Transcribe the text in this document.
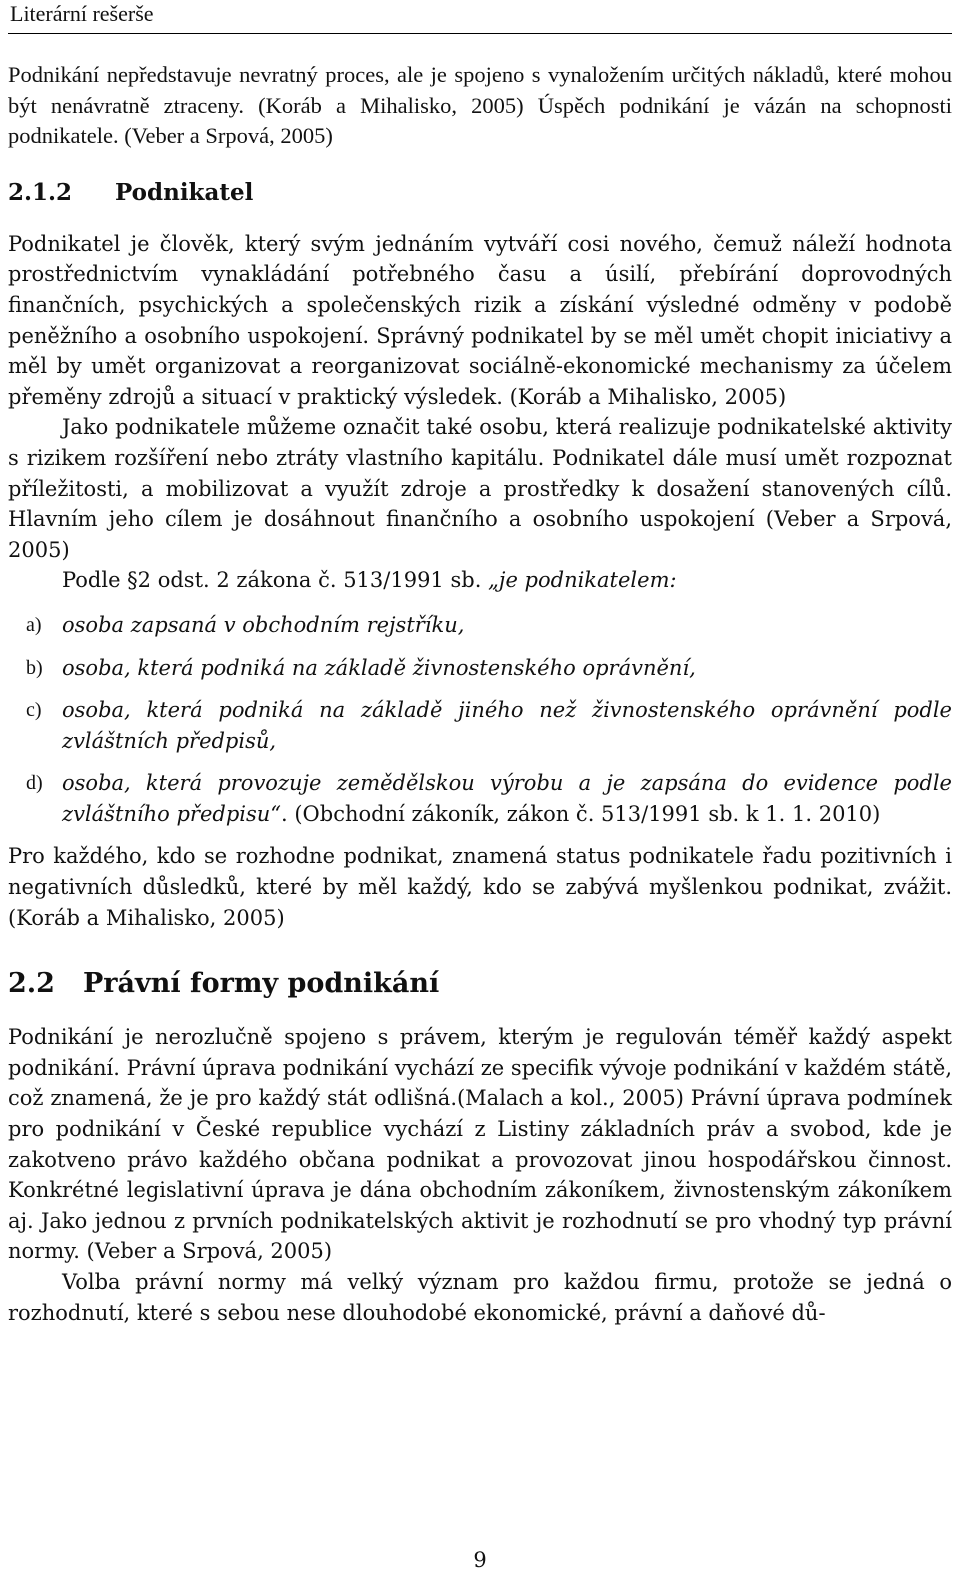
Literární rešerše

Podnikání nepředstavuje nevratný proces, ale je spojeno s vynaložením určitých nákladů, které mohou být nenávratně ztraceny. (Koráb a Mihalisko, 2005) Úspěch podnikání je vázán na schopnosti podnikatele. (Veber a Srpová, 2005)

2.1.2 Podnikatel

Podnikatel je člověk, který svým jednáním vytváří cosi nového, čemuž náleží hodnota prostřednictvím vynakládání potřebného času a úsilí, přebírání doprovodných finančních, psychických a společenských rizik a získání výsledné odměny v podobě peněžního a osobního uspokojení. Správný podnikatel by se měl umět chopit iniciativy a měl by umět organizovat a reorganizovat sociálně-ekonomické mechanismy za účelem přeměny zdrojů a situací v praktický výsledek. (Koráb a Mihalisko, 2005)

Jako podnikatele můžeme označit také osobu, která realizuje podnikatelské aktivity s rizikem rozšíření nebo ztráty vlastního kapitálu. Podnikatel dále musí umět rozpoznat příležitosti, a mobilizovat a využít zdroje a prostředky k dosažení stanovených cílů. Hlavním jeho cílem je dosáhnout finančního a osobního uspokojení (Veber a Srpová, 2005)

Podle §2 odst. 2 zákona č. 513/1991 sb. „je podnikatelem:

a) osoba zapsaná v obchodním rejstříku,
b) osoba, která podniká na základě živnostenského oprávnění,
c) osoba, která podniká na základě jiného než živnostenského oprávnění podle zvláštních předpisů,
d) osoba, která provozuje zemědělskou výrobu a je zapsána do evidence podle zvláštního předpisu“. (Obchodní zákoník, zákon č. 513/1991 sb. k 1. 1. 2010)

Pro každého, kdo se rozhodne podnikat, znamená status podnikatele řadu pozitivních i negativních důsledků, které by měl každý, kdo se zabývá myšlenkou podnikat, zvážit. (Koráb a Mihalisko, 2005)

2.2 Právní formy podnikání

Podnikání je nerozlučně spojeno s právem, kterým je regulován téměř každý aspekt podnikání. Právní úprava podnikání vychází ze specifik vývoje podnikání v každém státě, což znamená, že je pro každý stát odlišná.(Malach a kol., 2005) Právní úprava podmínek pro podnikání v České republice vychází z Listiny základních práv a svobod, kde je zakotveno právo každého občana podnikat a provozovat jinou hospodářskou činnost. Konkrétné legislativní úprava je dána obchodním zákoníkem, živnostenským zákoníkem aj. Jako jednou z prvních podnikatelských aktivit je rozhodnutí se pro vhodný typ právní normy. (Veber a Srpová, 2005)

Volba právní normy má velký význam pro každou firmu, protože se jedná o rozhodnutí, které s sebou nese dlouhodobé ekonomické, právní a daňové dů-

9
